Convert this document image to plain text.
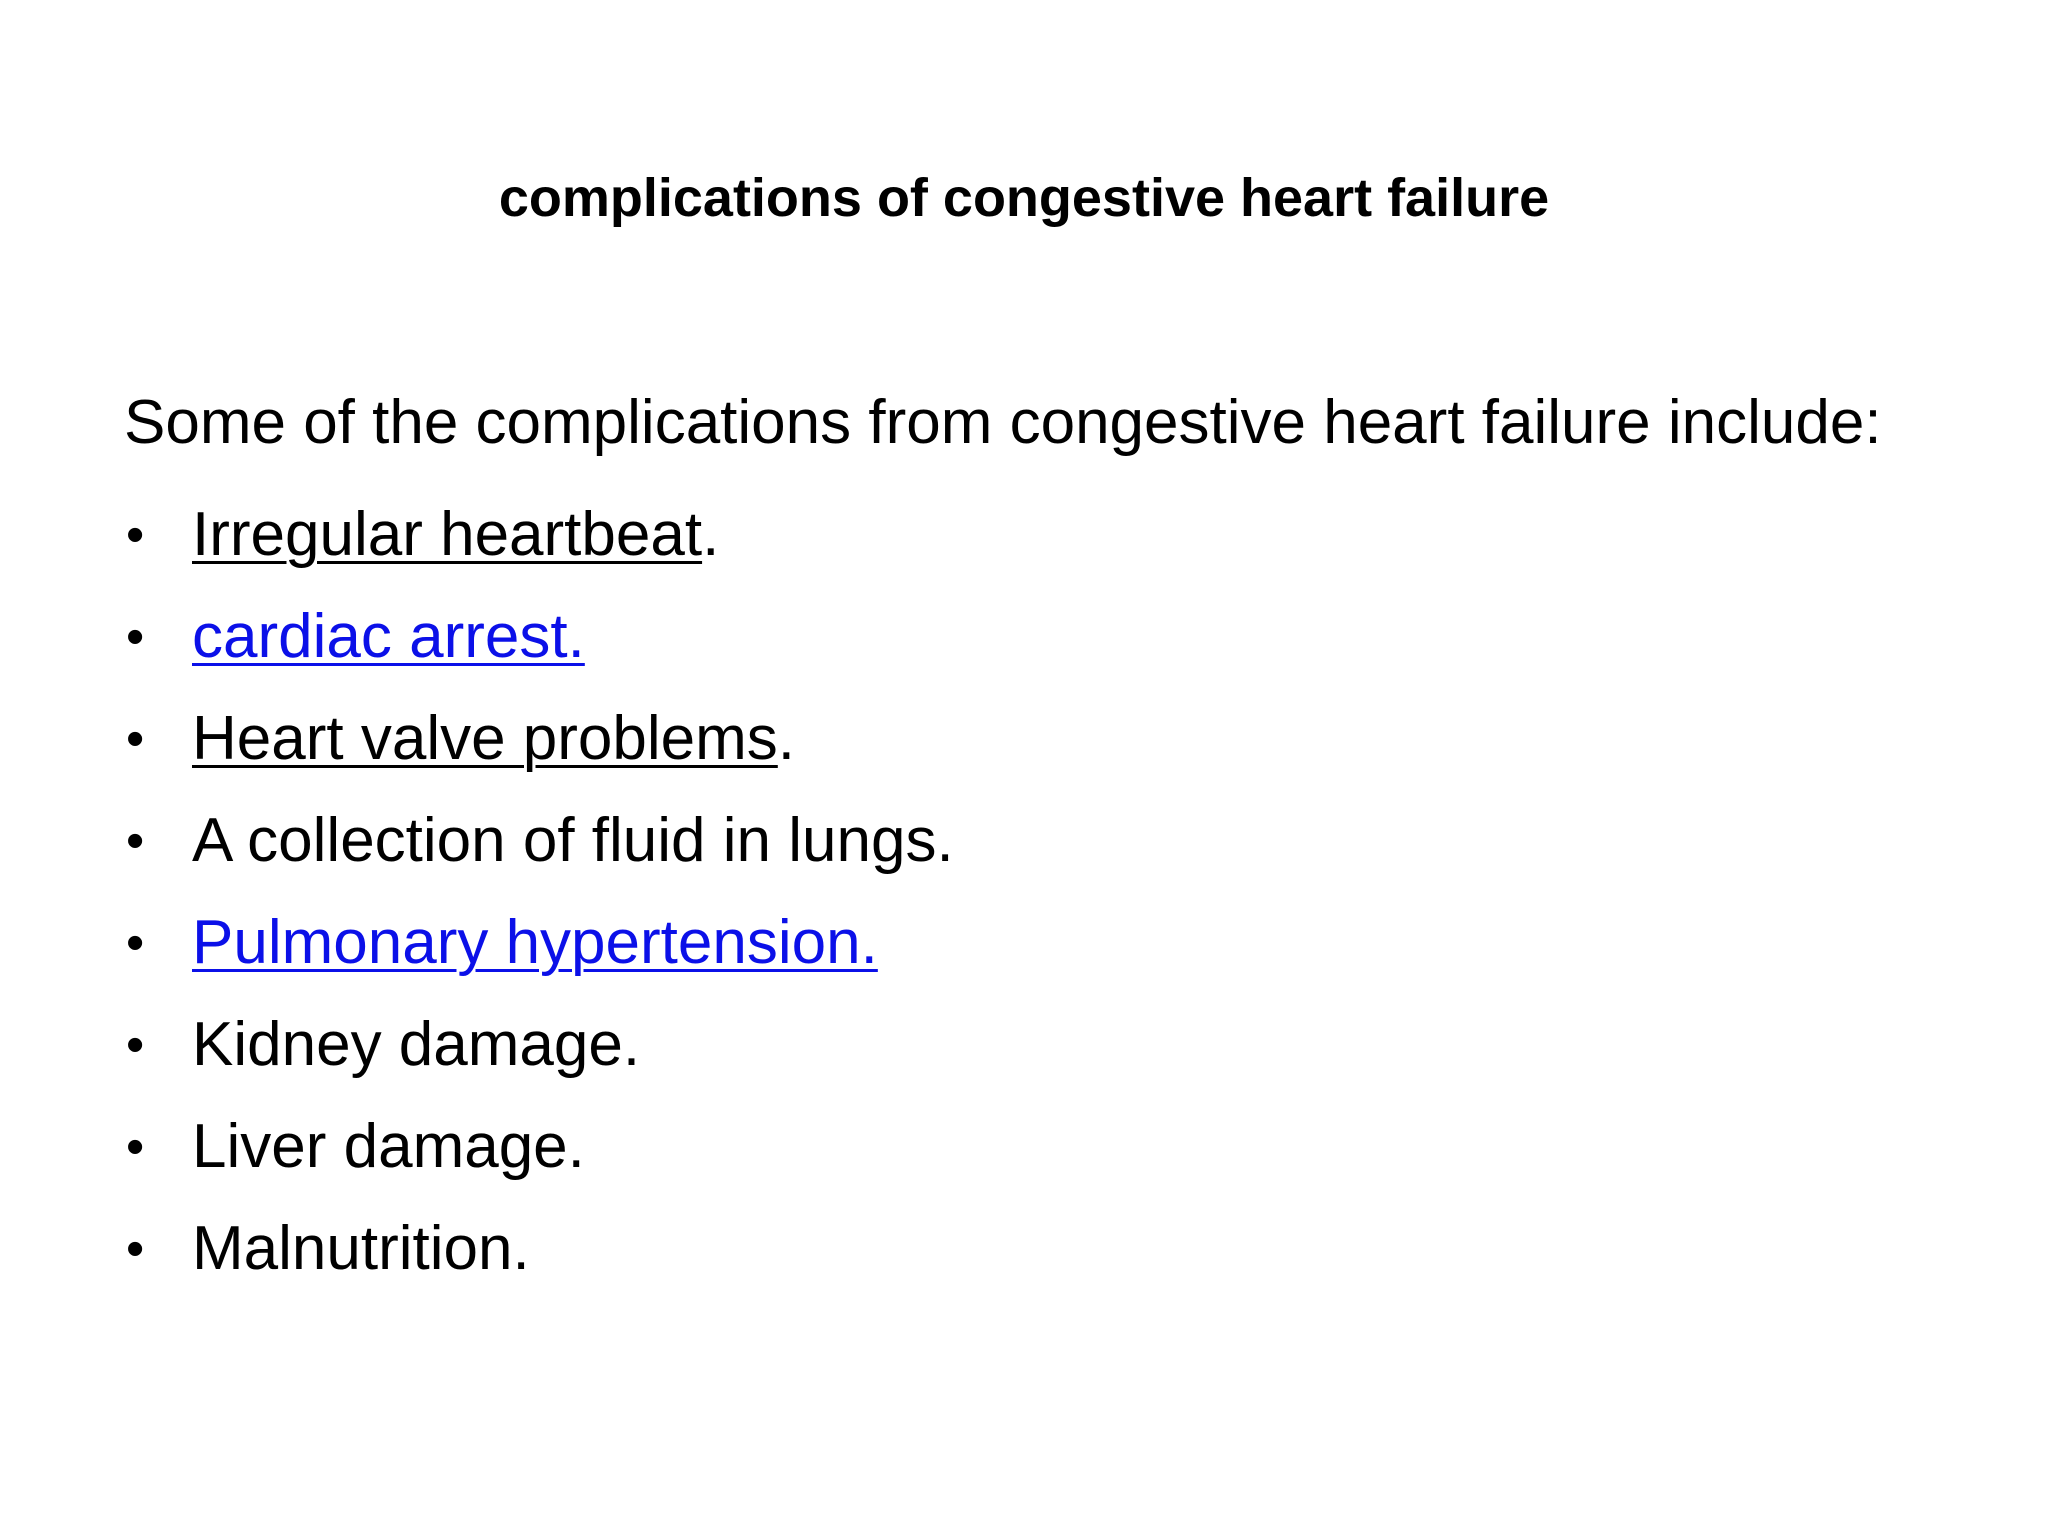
complications of congestive heart failure

Some of the complications from congestive heart failure include:

• Irregular heartbeat.
• cardiac arrest.
• Heart valve problems.
• A collection of fluid in lungs.
• Pulmonary hypertension.
• Kidney damage.
• Liver damage.
• Malnutrition.
